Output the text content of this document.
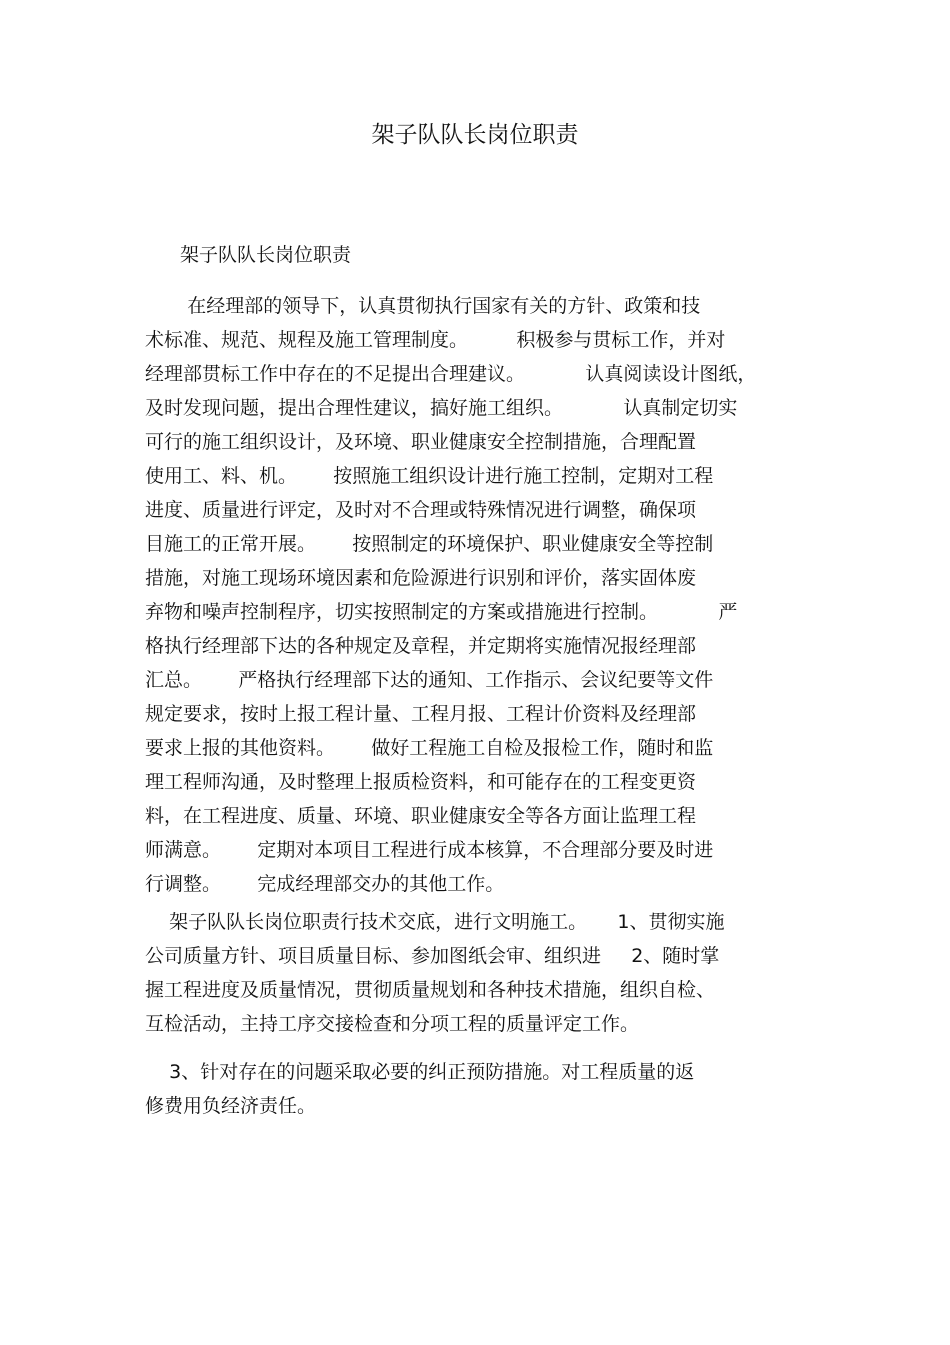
架子队队长岗位职责
架子队队长岗位职责
在经理部的领导下，认真贯彻执行国家有关的方针、政策和技
术标准、规范、规程及施工管理制度。        积极参与贯标工作，并对
经理部贯标工作中存在的不足提出合理建议。          认真阅读设计图纸，
及时发现问题，提出合理性建议，搞好施工组织。          认真制定切实
可行的施工组织设计，及环境、职业健康安全控制措施，合理配置
使用工、料、机。      按照施工组织设计进行施工控制，定期对工程
进度、质量进行评定，及时对不合理或特殊情况进行调整，确保项
目施工的正常开展。      按照制定的环境保护、职业健康安全等控制
措施，对施工现场环境因素和危险源进行识别和评价，落实固体废
弃物和噪声控制程序，切实按照制定的方案或措施进行控制。          严
格执行经理部下达的各种规定及章程，并定期将实施情况报经理部
汇总。      严格执行经理部下达的通知、工作指示、会议纪要等文件
规定要求，按时上报工程计量、工程月报、工程计价资料及经理部
要求上报的其他资料。      做好工程施工自检及报检工作，随时和监
理工程师沟通，及时整理上报质检资料，和可能存在的工程变更资
料，在工程进度、质量、环境、职业健康安全等各方面让监理工程
师满意。      定期对本项目工程进行成本核算，不合理部分要及时进
行调整。      完成经理部交办的其他工作。
架子队队长岗位职责行技术交底，进行文明施工。     1、贯彻实施
公司质量方针、项目质量目标、参加图纸会审、组织进     2、随时掌
握工程进度及质量情况，贯彻质量规划和各种技术措施，组织自检、
互检活动，主持工序交接检查和分项工程的质量评定工作。
3、针对存在的问题采取必要的纠正预防措施。对工程质量的返
修费用负经济责任。
